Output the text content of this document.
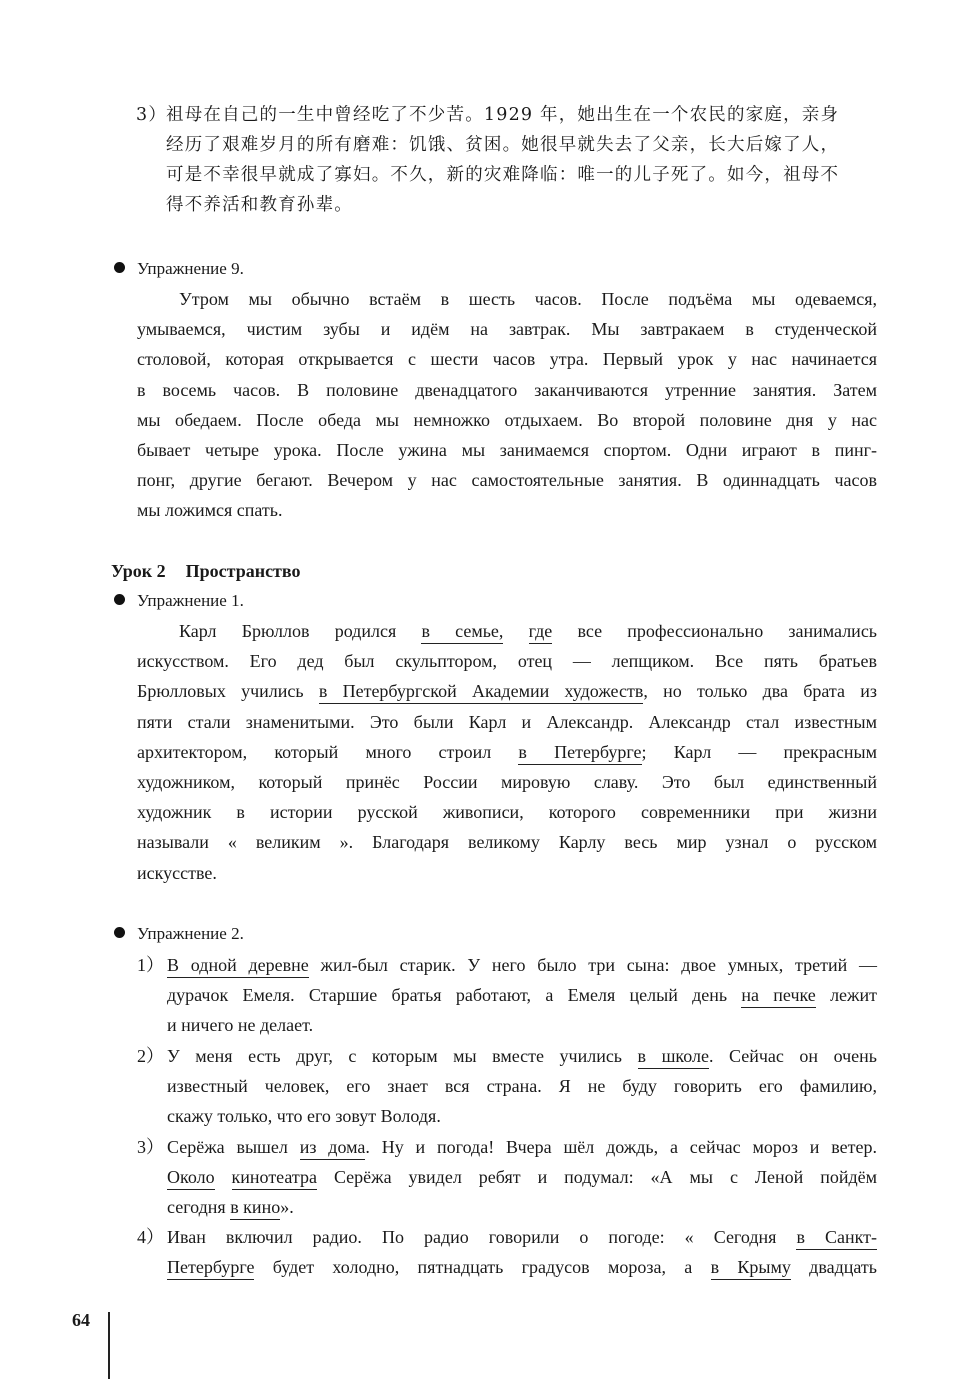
3）
祖母在自己的一生中曾经吃了不少苦。1929 年，她出生在一个农民的家庭，亲身
经历了艰难岁月的所有磨难：饥饿、贫困。她很早就失去了父亲，长大后嫁了人，
可是不幸很早就成了寡妇。不久，新的灾难降临：唯一的儿子死了。如今，祖母不
得不养活和教育孙辈。
Упражнение 9.
Утром мы обычно встаём в шесть часов. После подъёма мы одеваемся,
умываемся, чистим зубы и идём на завтрак. Мы завтракаем в студенческой
столовой, которая открывается с шести часов утра. Первый урок у нас начинается
в восемь часов. В половине двенадцатого заканчиваются утренние занятия. Затем
мы обедаем. После обеда мы немножко отдыхаем. Во второй половине дня у нас
бывает четыре урока. После ужина мы занимаемся спортом. Одни играют в пинг-
понг, другие бегают. Вечером у нас самостоятельные занятия. В одиннадцать часов
мы ложимся спать.
Урок 2 Пространство
Упражнение 1.
Карл Брюллов родился в семье, где все профессионально занимались
искусством. Его дед был скульптором, отец — лепщиком. Все пять братьев
Брюлловых учились в Петербургской Академии художеств, но только два брата из
пяти стали знаменитыми. Это были Карл и Александр. Александр стал известным
архитектором, который много строил в Петербурге; Карл — прекрасным
художником, который принёс России мировую славу. Это был единственный
художник в истории русской живописи, которого современники при жизни
называли « великим ». Благодаря великому Карлу весь мир узнал о русском
искусстве.
Упражнение 2.
1） В одной деревне жил-был старик. У него было три сына: двое умных, третий —
дурачок Емеля. Старшие братья работают, а Емеля целый день на печке лежит
и ничего не делает.
2） У меня есть друг, с которым мы вместе учились в школе. Сейчас он очень
известный человек, его знает вся страна. Я не буду говорить его фамилию,
скажу только, что его зовут Володя.
3） Серёжа вышел из дома. Ну и погода! Вчера шёл дождь, а сейчас мороз и ветер.
Около кинотеатра Серёжа увидел ребят и подумал: «А мы с Леной пойдём
сегодня в кино».
4） Иван включил радио. По радио говорили о погоде: « Сегодня в Санкт-
Петербурге будет холодно, пятнадцать градусов мороза, а в Крыму двадцать
64
